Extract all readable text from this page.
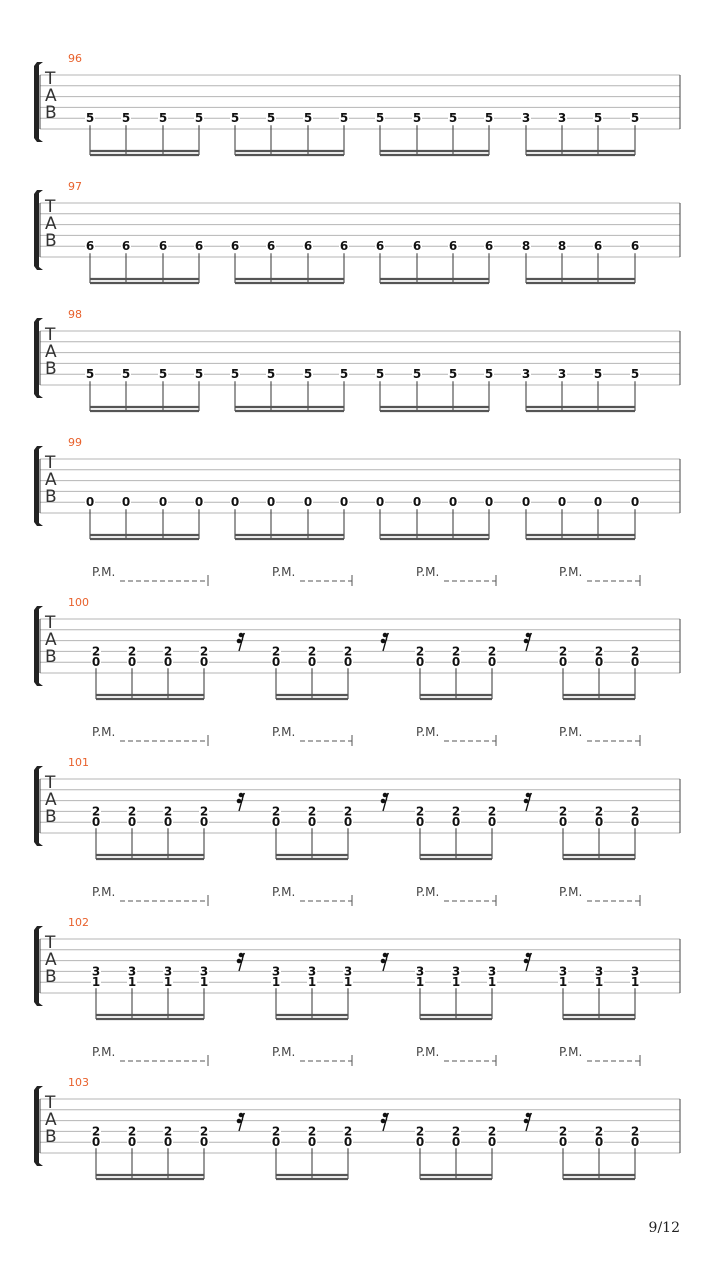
96
T
A
B 5 5 5 5 5 5 5 5 5 5 5 5 3 3 5 5
97
T
A
B 6 6 6 6 6 6 6 6 6 6 6 6 8 8 6 6
98
T
A
B 5 5 5 5 5 5 5 5 5 5 5 5 3 3 5 5
99
T
A
B 0 0 0 0 0 0 0 0 0 0 0 0 0 0 0 0
P.M.	P.M.	P.M.	P.M.
100
T
A
B	2
0
2
0
2
0
2
0
2
0
2
0
2
0
2
0
2
0
2
0
2
0
2
0
2
0
P.M.	P.M.	P.M.	P.M.
101
T
A
B	2
0
2
0
2
0
2
0
2
0
2
0
2
0
2
0
2
0
2
0
2
0
2
0
2
0
P.M.	P.M.	P.M.	P.M.
102
T
A
B	3
1
3
1
3
1
3
1
3
1
3
1
3
1
3
1
3
1
3
1
3
1
3
1
3
1
P.M.	P.M.	P.M.	P.M.
103
T
A
B	2
0
2
0
2
0
2
0
2
0
2
0
2
0
2
0
2
0
2
0
2
0
2
0
2
0
9/12
